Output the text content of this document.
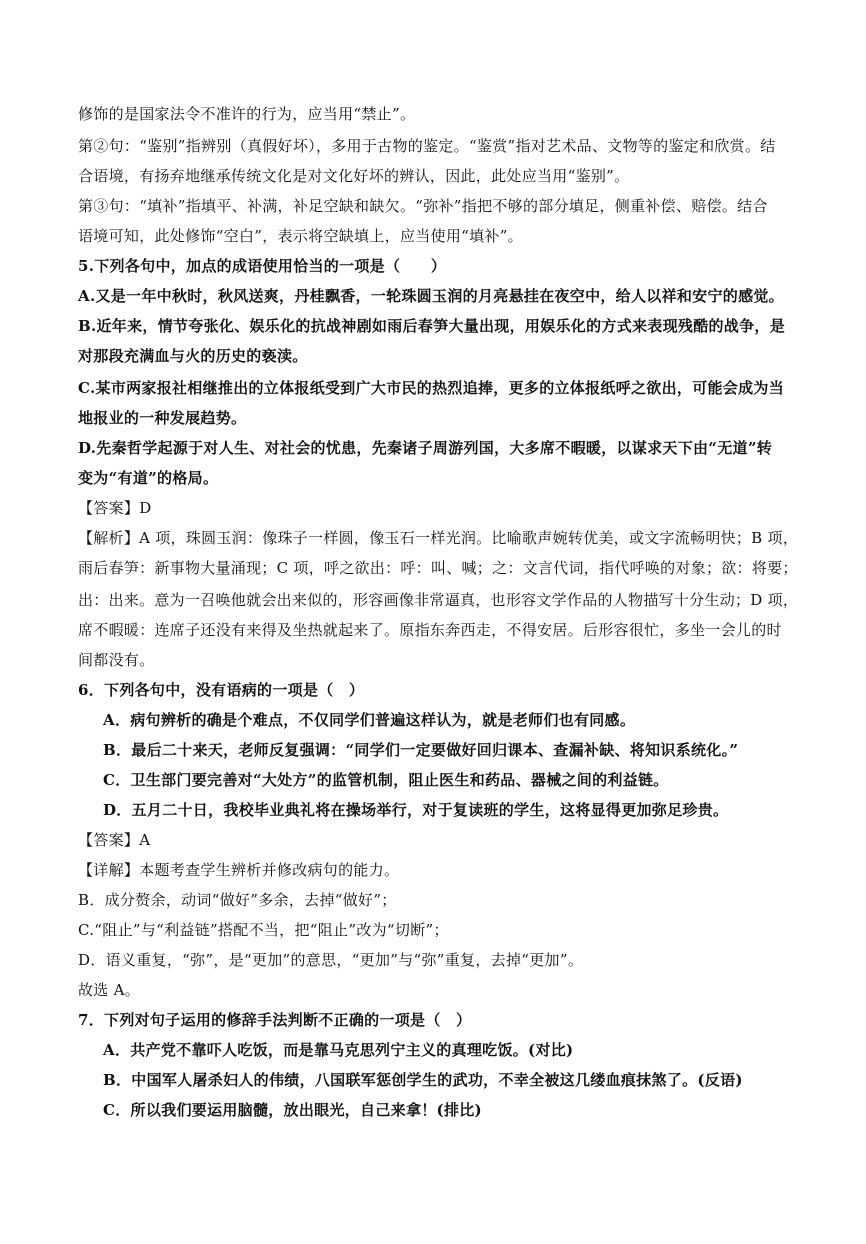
修饰的是国家法令不准许的行为，应当用“禁止”。
第②句：“鉴别”指辨别（真假好坏），多用于古物的鉴定。“鉴赏”指对艺术品、文物等的鉴定和欣赏。结
合语境，有扬弃地继承传统文化是对文化好坏的辨认，因此，此处应当用“鉴别”。
第③句：“填补”指填平、补满，补足空缺和缺欠。“弥补”指把不够的部分填足，侧重补偿、赔偿。结合
语境可知，此处修饰“空白”，表示将空缺填上，应当使用“填补”。
5.下列各句中，加点的成语使用恰当的一项是（　　）
A.又是一年中秋时，秋风送爽，丹桂飘香，一轮珠圆玉润的月亮悬挂在夜空中，给人以祥和安宁的感觉。
B.近年来，情节夸张化、娱乐化的抗战神剧如雨后春笋大量出现，用娱乐化的方式来表现残酷的战争，是
对那段充满血与火的历史的亵渎。
C.某市两家报社相继推出的立体报纸受到广大市民的热烈追捧，更多的立体报纸呼之欲出，可能会成为当
地报业的一种发展趋势。
D.先秦哲学起源于对人生、对社会的忧患，先秦诸子周游列国，大多席不暇暖，以谋求天下由“无道”转
变为“有道”的格局。
【答案】D
【解析】A 项，珠圆玉润：像珠子一样圆，像玉石一样光润。比喻歌声婉转优美，或文字流畅明快；B 项，
雨后春笋：新事物大量涌现；C 项，呼之欲出：呼：叫、喊；之：文言代词，指代呼唤的对象；欲：将要；
出：出来。意为一召唤他就会出来似的，形容画像非常逼真，也形容文学作品的人物描写十分生动；D 项，
席不暇暖：连席子还没有来得及坐热就起来了。原指东奔西走，不得安居。后形容很忙，多坐一会儿的时
间都没有。
6．下列各句中，没有语病的一项是（　）
A．病句辨析的确是个难点，不仅同学们普遍这样认为，就是老师们也有同感。
B．最后二十来天，老师反复强调：“同学们一定要做好回归课本、查漏补缺、将知识系统化。”
C．卫生部门要完善对“大处方”的监管机制，阻止医生和药品、器械之间的利益链。
D．五月二十日，我校毕业典礼将在操场举行，对于复读班的学生，这将显得更加弥足珍贵。
【答案】A
【详解】本题考查学生辨析并修改病句的能力。
B．成分赘余，动词“做好”多余，去掉“做好”；
C.“阻止”与“利益链”搭配不当，把“阻止”改为“切断”；
D．语义重复，“弥”，是“更加”的意思，“更加”与“弥”重复，去掉“更加”。
故选 A。
7．下列对句子运用的修辞手法判断不正确的一项是（　）
A．共产党不靠吓人吃饭，而是靠马克思列宁主义的真理吃饭。(对比)
B．中国军人屠杀妇人的伟绩，八国联军惩创学生的武功，不幸全被这几缕血痕抹煞了。(反语)
C．所以我们要运用脑髓，放出眼光，自己来拿！(排比)
